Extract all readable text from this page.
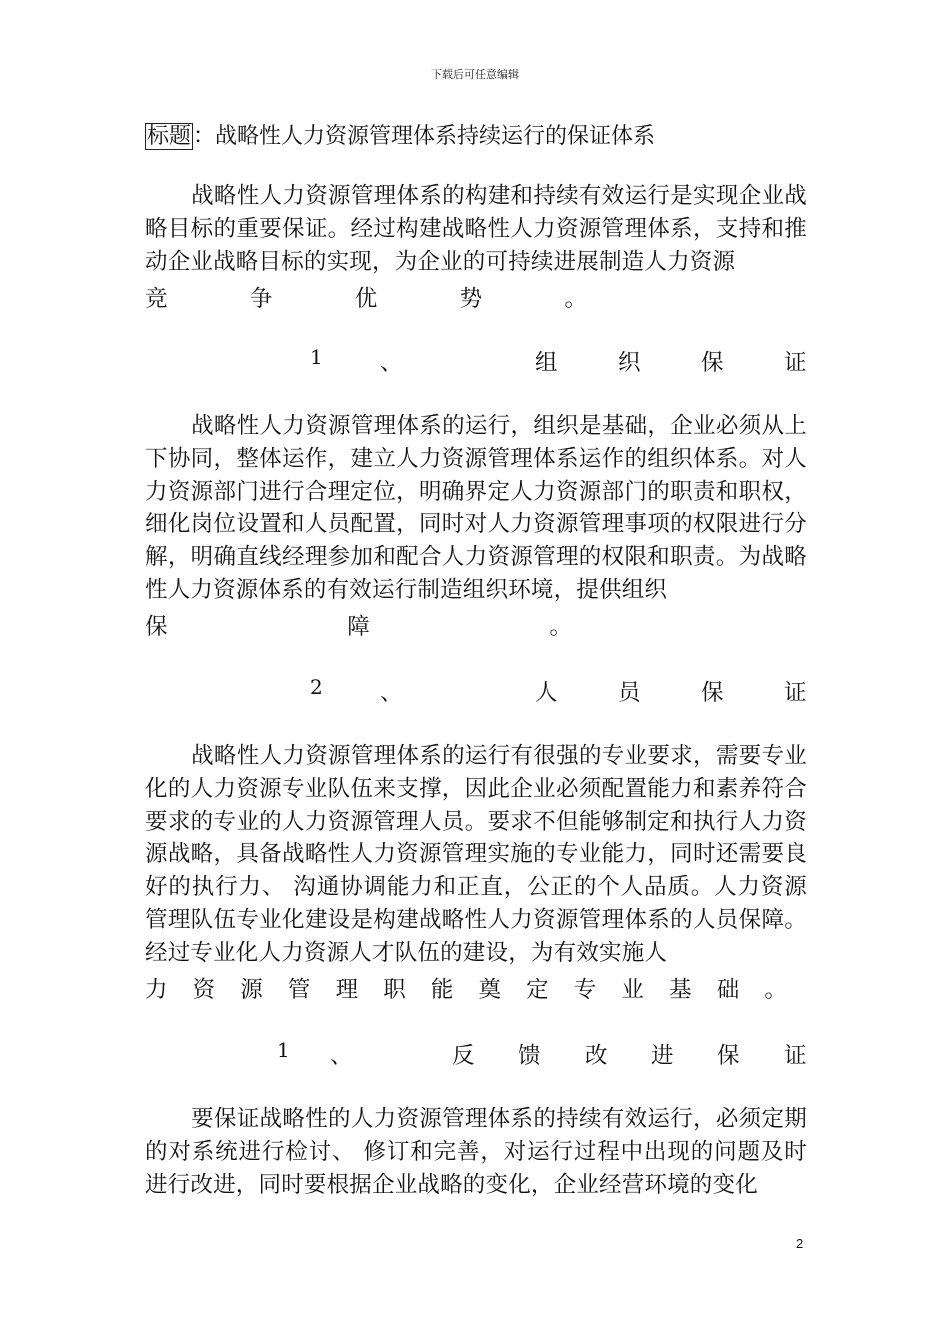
下载后可任意编辑
标题：战略性人力资源管理体系持续运行的保证体系

战略性人力资源管理体系的构建和持续有效运行是实现企业战略目标的重要保证。经过构建战略性人力资源管理体系，支持和推动企业战略目标的实现，为企业的可持续进展制造人力资源

竞	争	优	势	。
1	、	组	织	保	证

战略性人力资源管理体系的运行，组织是基础，企业必须从上下协同，整体运作，建立人力资源管理体系运作的组织体系。对人力资源部门进行合理定位，明确界定人力资源部门的职责和职权，细化岗位设置和人员配置，同时对人力资源管理事项的权限进行分解，明确直线经理参加和配合人力资源管理的权限和职责。为战略性人力资源体系的有效运行制造组织环境，提供组织

保	障	。
2	、	人	员	保	证

战略性人力资源管理体系的运行有很强的专业要求，需要专业化的人力资源专业队伍来支撑，因此企业必须配置能力和素养符合要求的专业的人力资源管理人员。要求不但能够制定和执行人力资源战略，具备战略性人力资源管理实施的专业能力，同时还需要良好的执行力、 沟通协调能力和正直，公正的个人品质。人力资源管理队伍专业化建设是构建战略性人力资源管理体系的人员保障。经过专业化人力资源人才队伍的建设，为有效实施人

力 资 源 管 理 职 能 奠 定 专 业 基 础 。
1 、	反 馈 改 进 保 证

要保证战略性的人力资源管理体系的持续有效运行，必须定期的对系统进行检讨、 修订和完善，对运行过程中出现的问题及时进行改进，同时要根据企业战略的变化，企业经营环境的变化

2
